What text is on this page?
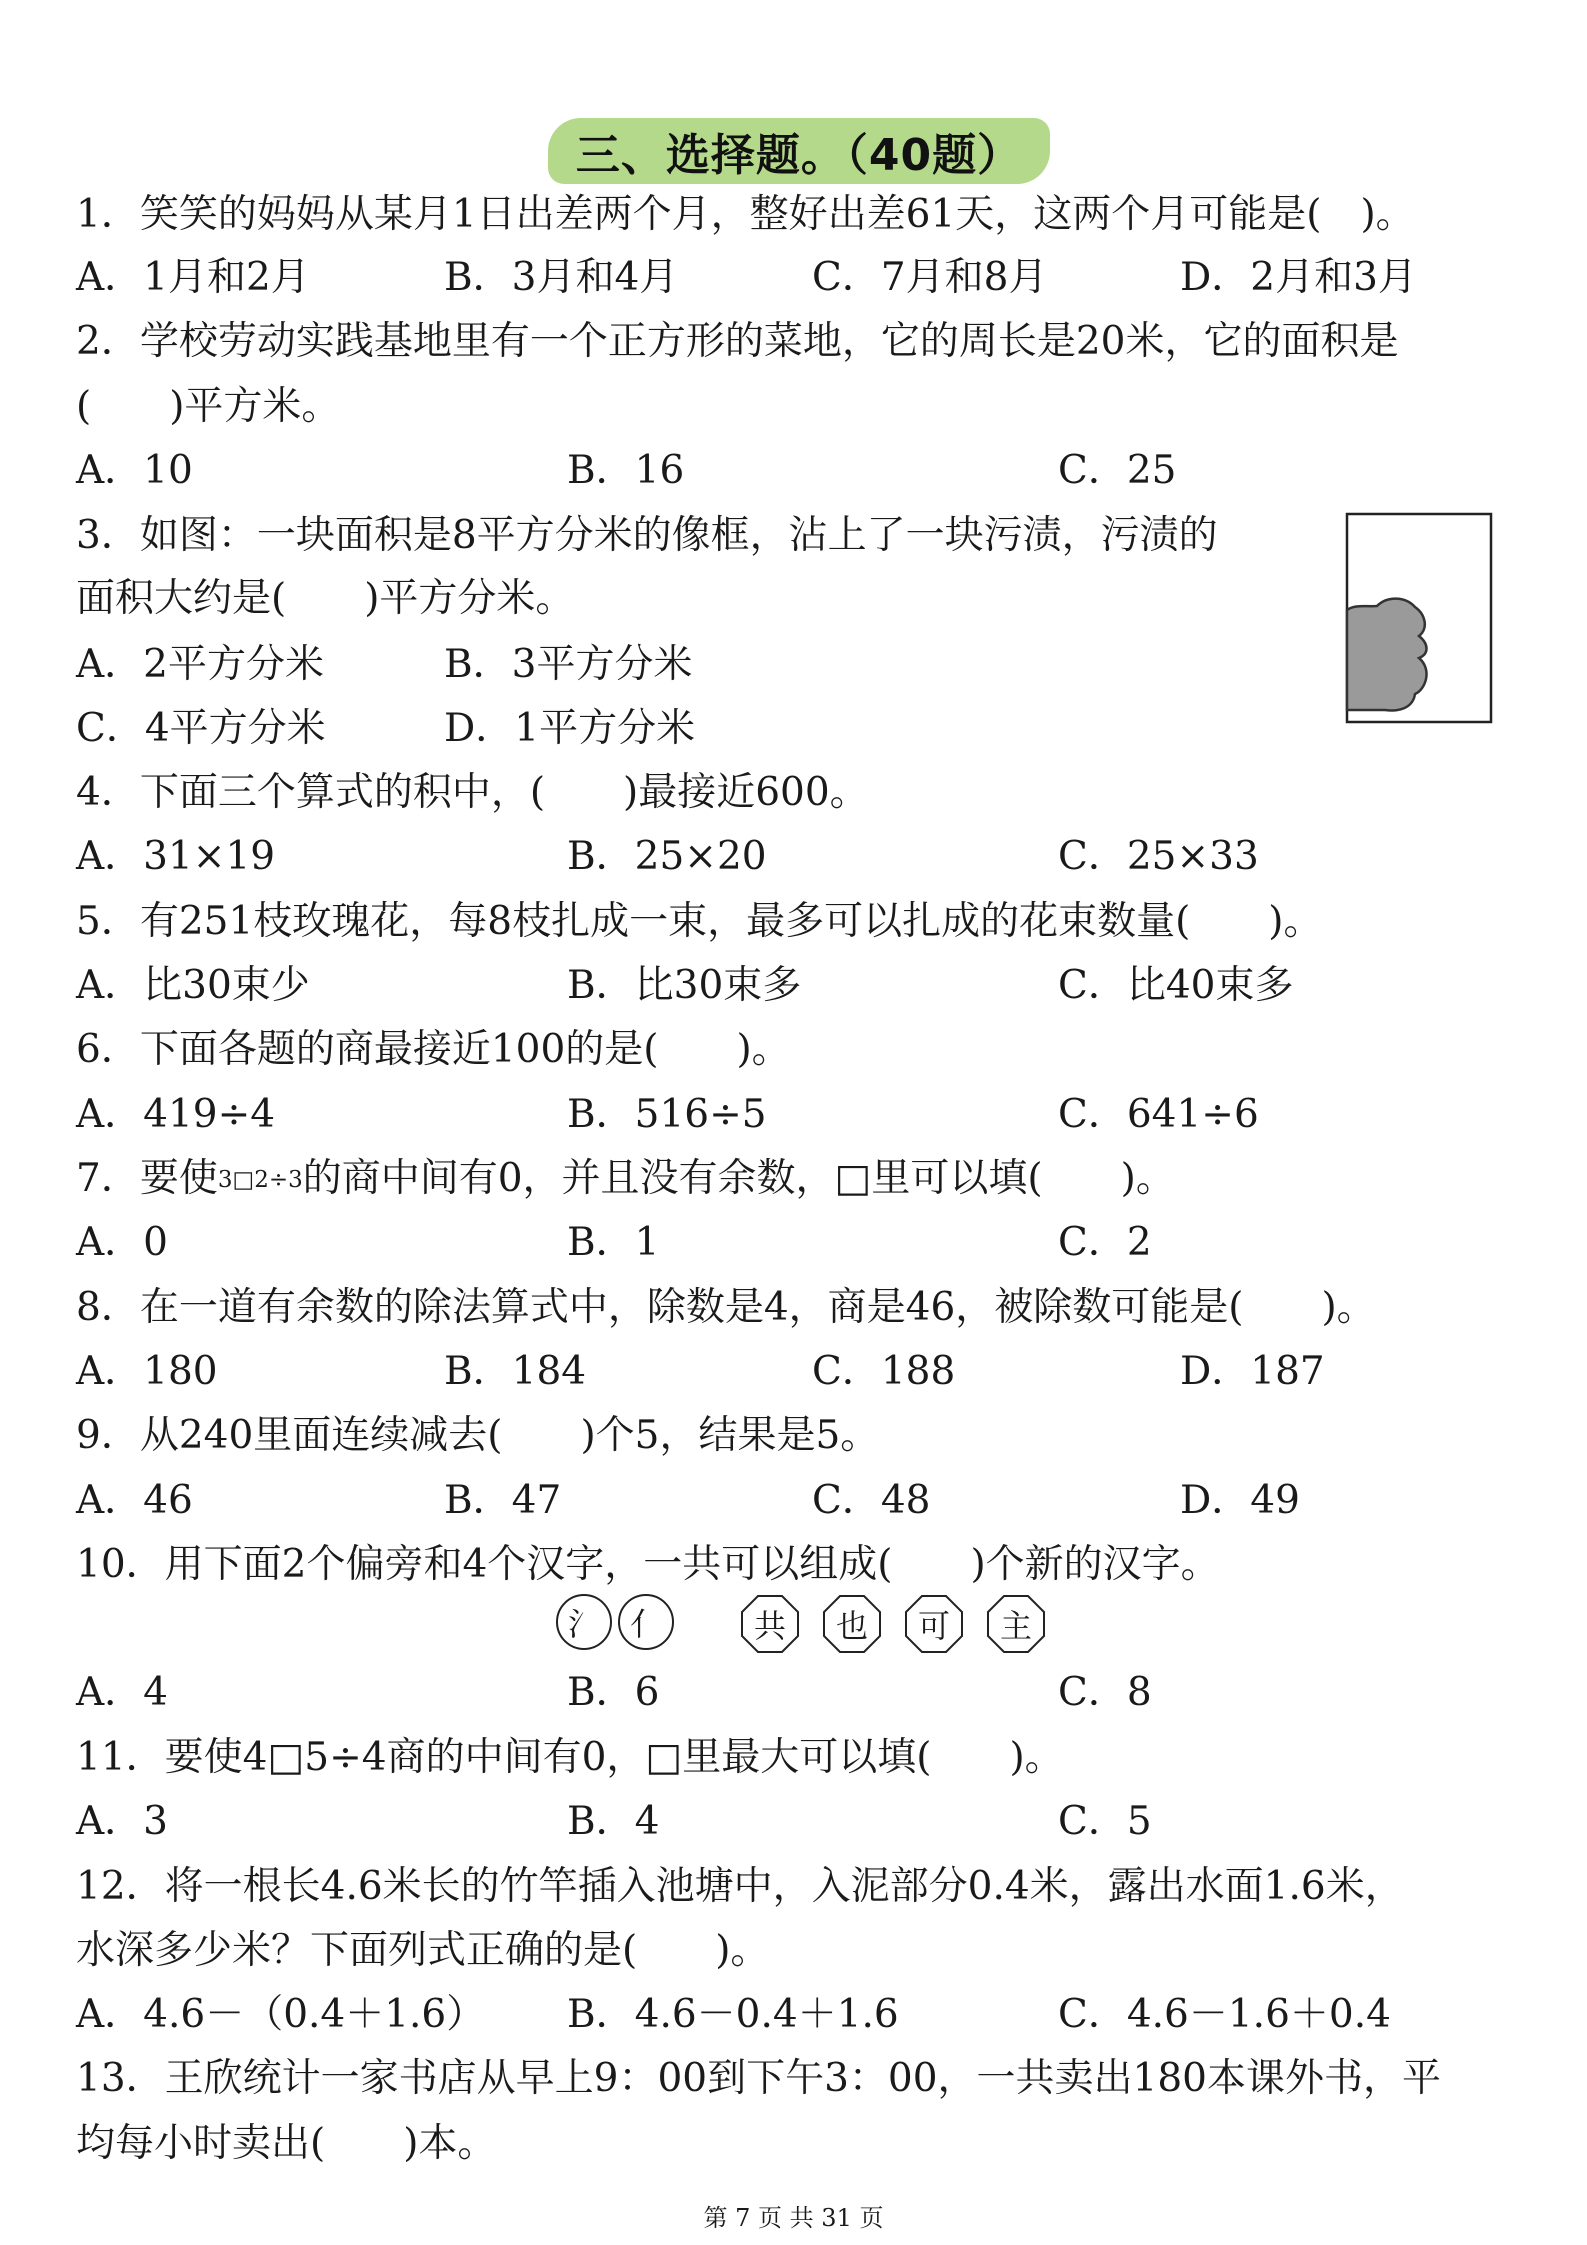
三、选择题。（40题）
1．笑笑的妈妈从某月1日出差两个月，整好出差61天，这两个月可能是(　)。
A．1月和2月	B．3月和4月	C．7月和8月	D．2月和3月
2．学校劳动实践基地里有一个正方形的菜地，它的周长是20米，它的面积是
(　　)平方米。
A．10	B．16	C．25
3．如图：一块面积是8平方分米的像框，沾上了一块污渍，污渍的
面积大约是(　　)平方分米。
A．2平方分米	B．3平方分米
C．4平方分米	D．1平方分米
4．下面三个算式的积中，(　　)最接近600。
A．31×19	B．25×20	C．25×33
5．有251枝玫瑰花，每8枝扎成一束，最多可以扎成的花束数量(　　)。
A．比30束少	B．比30束多	C．比40束多
6．下面各题的商最接近100的是(　　)。
A．419÷4	B．516÷5	C．641÷6
7．要使3□2÷3的商中间有0，并且没有余数，□里可以填(　　)。
A．0	B．1	C．2
8．在一道有余数的除法算式中，除数是4，商是46，被除数可能是(　　)。
A．180	B．184	C．188	D．187
9．从240里面连续减去(　　)个5，结果是5。
A．46	B．47	C．48	D．49
10．用下面2个偏旁和4个汉字，一共可以组成(　　)个新的汉字。
氵 亻	共	也	可	主
A．4	B．6	C．8
11．要使4□5÷4商的中间有0，□里最大可以填(　　)。
A．3	B．4	C．5
12．将一根长4.6米长的竹竿插入池塘中，入泥部分0.4米，露出水面1.6米，
水深多少米？下面列式正确的是(　　)。
A．4.6－（0.4＋1.6） B．4.6－0.4＋1.6	C．4.6－1.6＋0.4
13．王欣统计一家书店从早上9：00到下午3：00，一共卖出180本课外书，平
均每小时卖出(　　)本。
第 7 页 共 31 页
